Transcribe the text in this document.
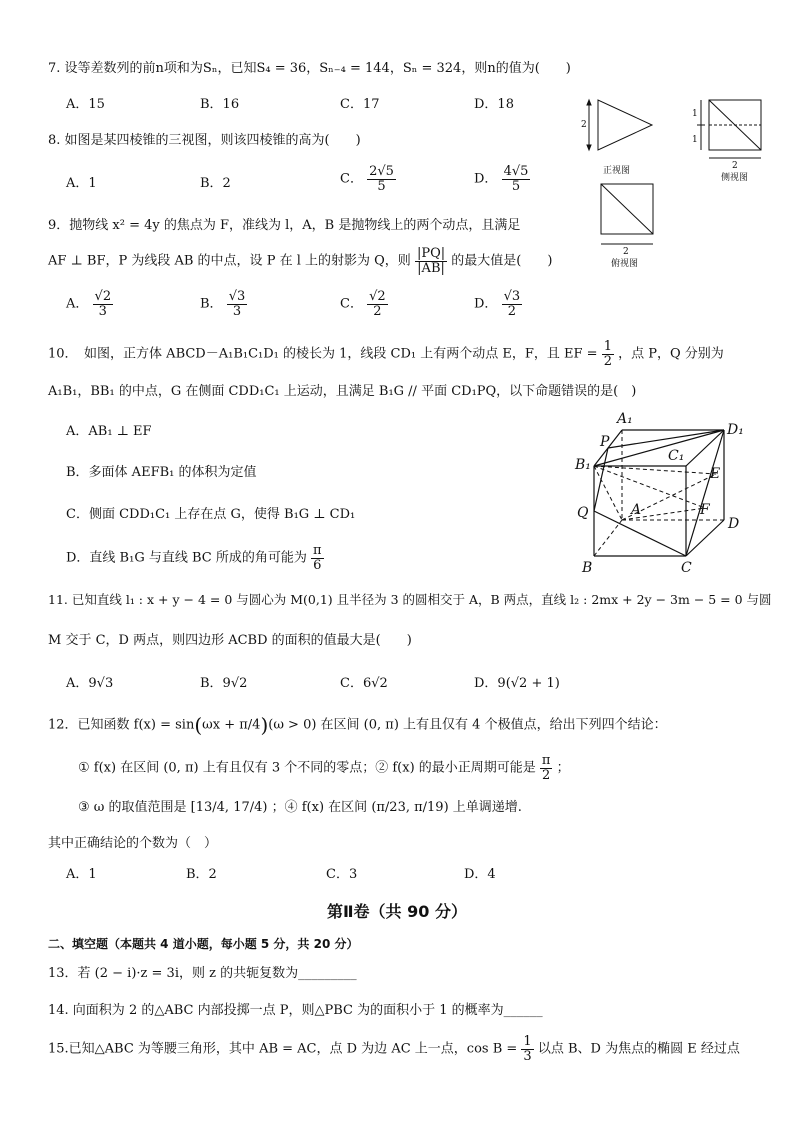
7. 设等差数列的前n项和为Sₙ，已知S₄ = 36，Sₙ₋₄ = 144，Sₙ = 324，则n的值为(　　)
A．15	B．16	C．17	D．18
8. 如图是某四棱锥的三视图，则该四棱锥的高为(　　)
A．1	B．2	C． $\frac{2√5}{5}$	D． $\frac{4√5}{5}$
2
正视图
1
1
2
侧视图
2
俯视图
9．抛物线 x² = 4y 的焦点为 F，准线为 l，A，B 是抛物线上的两个动点，且满足
AF ⊥ BF，P 为线段 AB 的中点，设 P 在 l 上的射影为 Q，则 $\frac{|PQ|}{|AB|}$ 的最大值是(　　)
A． $\frac{√2}{3}$	B． $\frac{√3}{3}$	C． $\frac{√2}{2}$	D． $\frac{√3}{2}$
10．　如图，正方体 ABCD－A₁B₁C₁D₁ 的棱长为 1，线段 CD₁ 上有两个动点 E，F，且 EF = $\frac{1}{2}$ ，点 P，Q 分别为
A₁B₁，BB₁ 的中点，G 在侧面 CDD₁C₁ 上运动，且满足 B₁G // 平面 CD₁PQ，以下命题错误的是(　)
A．AB₁ ⊥ EF
B．多面体 AEFB₁ 的体积为定值
C．侧面 CDD₁C₁ 上存在点 G，使得 B₁G ⊥ CD₁
D．直线 B₁G 与直线 BC 所成的角可能为 $\frac{\pi}{6}$
A₁
D₁
P
C₁
B₁
E
Q	A	F
D
B	C
11. 已知直线 l₁ : x + y − 4 = 0 与圆心为 M(0,1) 且半径为 3 的圆相交于 A，B 两点，直线 l₂ : 2mx + 2y − 3m − 5 = 0 与圆
M 交于 C，D 两点，则四边形 ACBD 的面积的值最大是(　　)
A．9√3	B．9√2	C．6√2	D．9(√2 + 1)
12．已知函数 f(x) = sin(ωx + π/4)(ω > 0) 在区间 (0, π) 上有且仅有 4 个极值点，给出下列四个结论：
① f(x) 在区间 (0, π) 上有且仅有 3 个不同的零点；② f(x) 的最小正周期可能是 $\frac{\pi}{2}$ ；
③ ω 的取值范围是 [13/4, 17/4) ；④ f(x) 在区间 (π/23, π/19) 上单调递增.
其中正确结论的个数为（　）
A．1	B．2	C．3	D．4
第Ⅱ卷（共 90 分）
二、填空题（本题共 4 道小题，每小题 5 分，共 20 分）
13．若 (2 − i)·z = 3i，则 z 的共轭复数为_________
14. 向面积为 2 的△ABC 内部投掷一点 P，则△PBC 为的面积小于 1 的概率为______
15.已知△ABC 为等腰三角形，其中 AB = AC，点 D 为边 AC 上一点，$\cos B = \frac{1}{3}$ 以点 B、D 为焦点的椭圆 E 经过点
